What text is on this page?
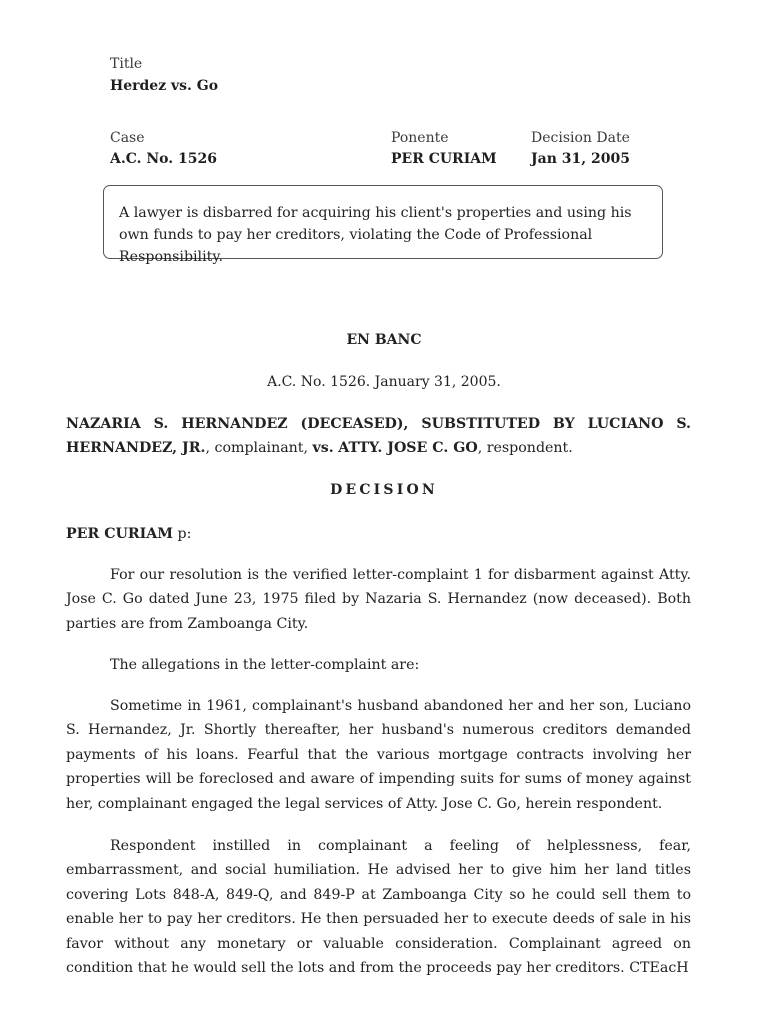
Title
Herdez vs. Go
Case
A.C. No. 1526
Ponente
PER CURIAM
Decision Date
Jan 31, 2005
A lawyer is disbarred for acquiring his client's properties and using his own funds to pay her creditors, violating the Code of Professional Responsibility.
EN BANC
A.C. No. 1526. January 31, 2005.
NAZARIA S. HERNANDEZ (DECEASED), SUBSTITUTED BY LUCIANO S. HERNANDEZ, JR., complainant, vs. ATTY. JOSE C. GO, respondent.
DECISION
PER CURIAM p:
For our resolution is the verified letter-complaint 1 for disbarment against Atty. Jose C. Go dated June 23, 1975 filed by Nazaria S. Hernandez (now deceased). Both parties are from Zamboanga City.
The allegations in the letter-complaint are:
Sometime in 1961, complainant's husband abandoned her and her son, Luciano S. Hernandez, Jr. Shortly thereafter, her husband's numerous creditors demanded payments of his loans. Fearful that the various mortgage contracts involving her properties will be foreclosed and aware of impending suits for sums of money against her, complainant engaged the legal services of Atty. Jose C. Go, herein respondent.
Respondent instilled in complainant a feeling of helplessness, fear, embarrassment, and social humiliation. He advised her to give him her land titles covering Lots 848-A, 849-Q, and 849-P at Zamboanga City so he could sell them to enable her to pay her creditors. He then persuaded her to execute deeds of sale in his favor without any monetary or valuable consideration. Complainant agreed on condition that he would sell the lots and from the proceeds pay her creditors. CTEacH
